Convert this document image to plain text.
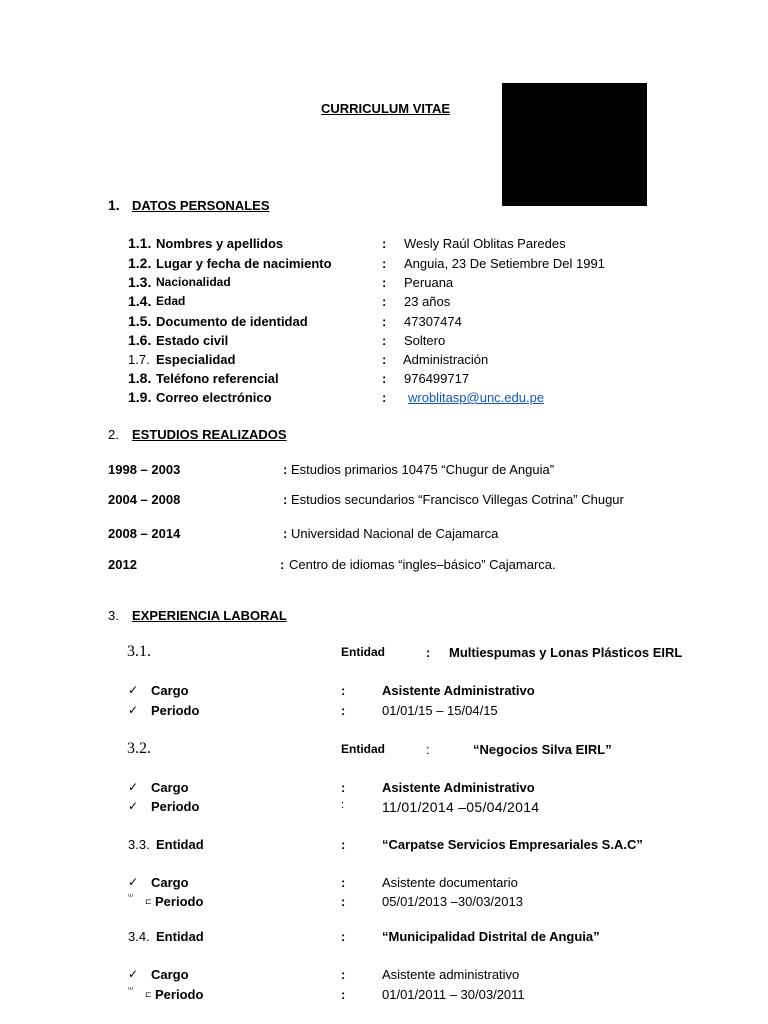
CURRICULUM VITAE
1. DATOS PERSONALES
1.1. Nombres y apellidos	: Wesly Raúl Oblitas Paredes
1.2. Lugar y fecha de nacimiento	: Anguia, 23 De Setiembre Del 1991
1.3. Nacionalidad	: Peruana
1.4. Edad	: 23 años
1.5. Documento de identidad	: 47307474
1.6. Estado civil	: Soltero
1.7. Especialidad	: Administración
1.8. Teléfono referencial	: 976499717
1.9. Correo electrónico	: wroblitasp@unc.edu.pe
2. ESTUDIOS REALIZADOS
1998 – 2003	: Estudios primarios 10475 “Chugur de Anguia”
2004 – 2008	: Estudios secundarios “Francisco Villegas Cotrina” Chugur
2008 – 2014	: Universidad Nacional de Cajamarca
2012	: Centro de idiomas “ingles–básico” Cajamarca.
3. EXPERIENCIA LABORAL
3.1.	Entidad	: Multiespumas y Lonas Plásticos EIRL
✓ Cargo	:	Asistente Administrativo
✓ Periodo	:	01/01/15 – 15/04/15
3.2.	Entidad	:	“Negocios Silva EIRL”
✓ Cargo	:	Asistente Administrativo
✓ Periodo	:	11/01/2014 –05/04/2014
3.3. Entidad	:	“Carpatse Servicios Empresariales S.A.C”
✓ Cargo	:	Asistente documentario
ᵚ
⊏ Periodo	:	05/01/2013 –30/03/2013
3.4. Entidad	:	“Municipalidad Distrital de Anguia”
✓ Cargo	:	Asistente administrativo
ᵚ
⊏ Periodo	:	01/01/2011 – 30/03/2011
